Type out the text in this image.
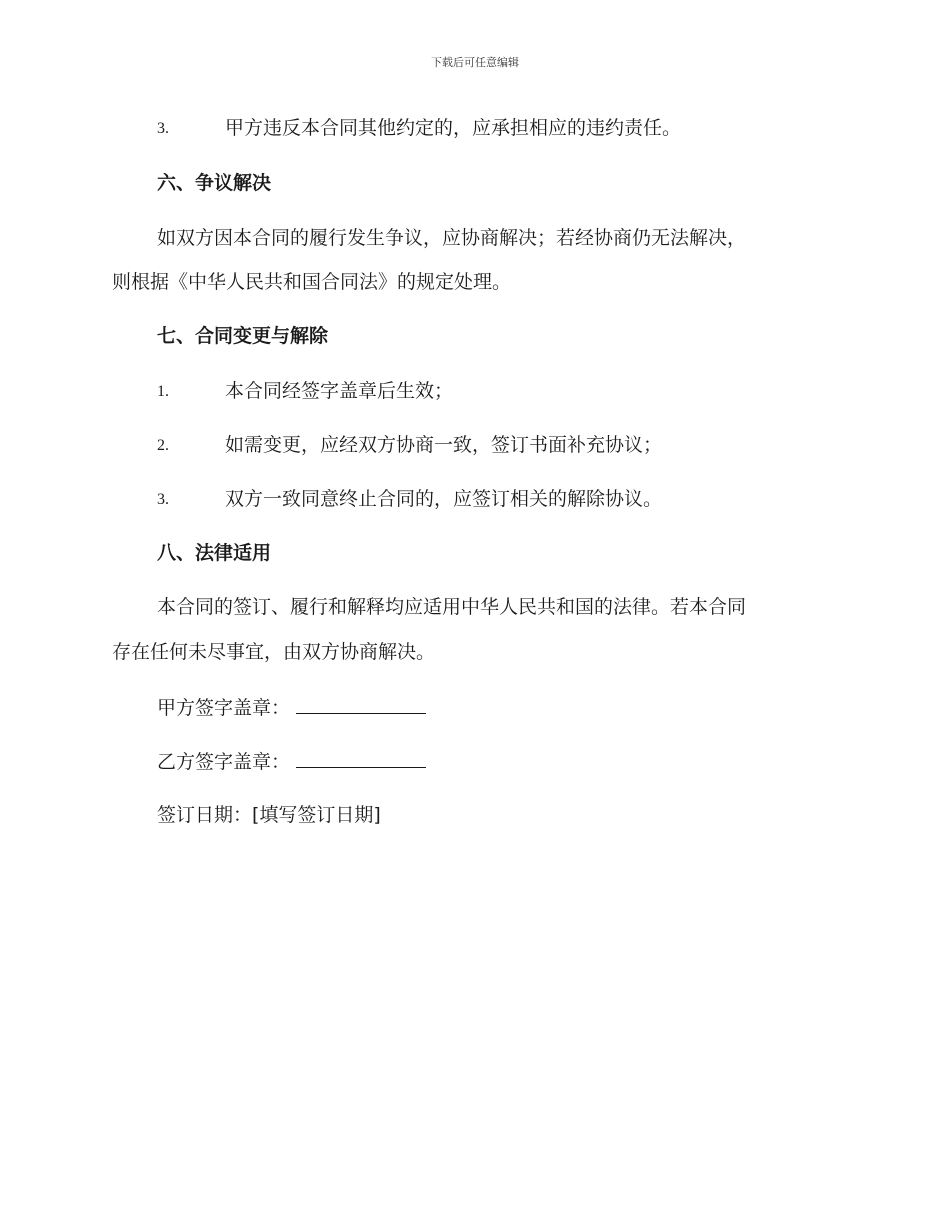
下载后可任意编辑
3.	甲方违反本合同其他约定的，应承担相应的违约责任。
六、争议解决
如双方因本合同的履行发生争议，应协商解决；若经协商仍无法解决，
则根据《中华人民共和国合同法》的规定处理。
七、合同变更与解除
1.	本合同经签字盖章后生效；
2.	如需变更，应经双方协商一致，签订书面补充协议；
3.	双方一致同意终止合同的，应签订相关的解除协议。
八、法律适用
本合同的签订、履行和解释均应适用中华人民共和国的法律。若本合同
存在任何未尽事宜，由双方协商解决。
甲方签字盖章：
乙方签字盖章：
签订日期：[填写签订日期]
